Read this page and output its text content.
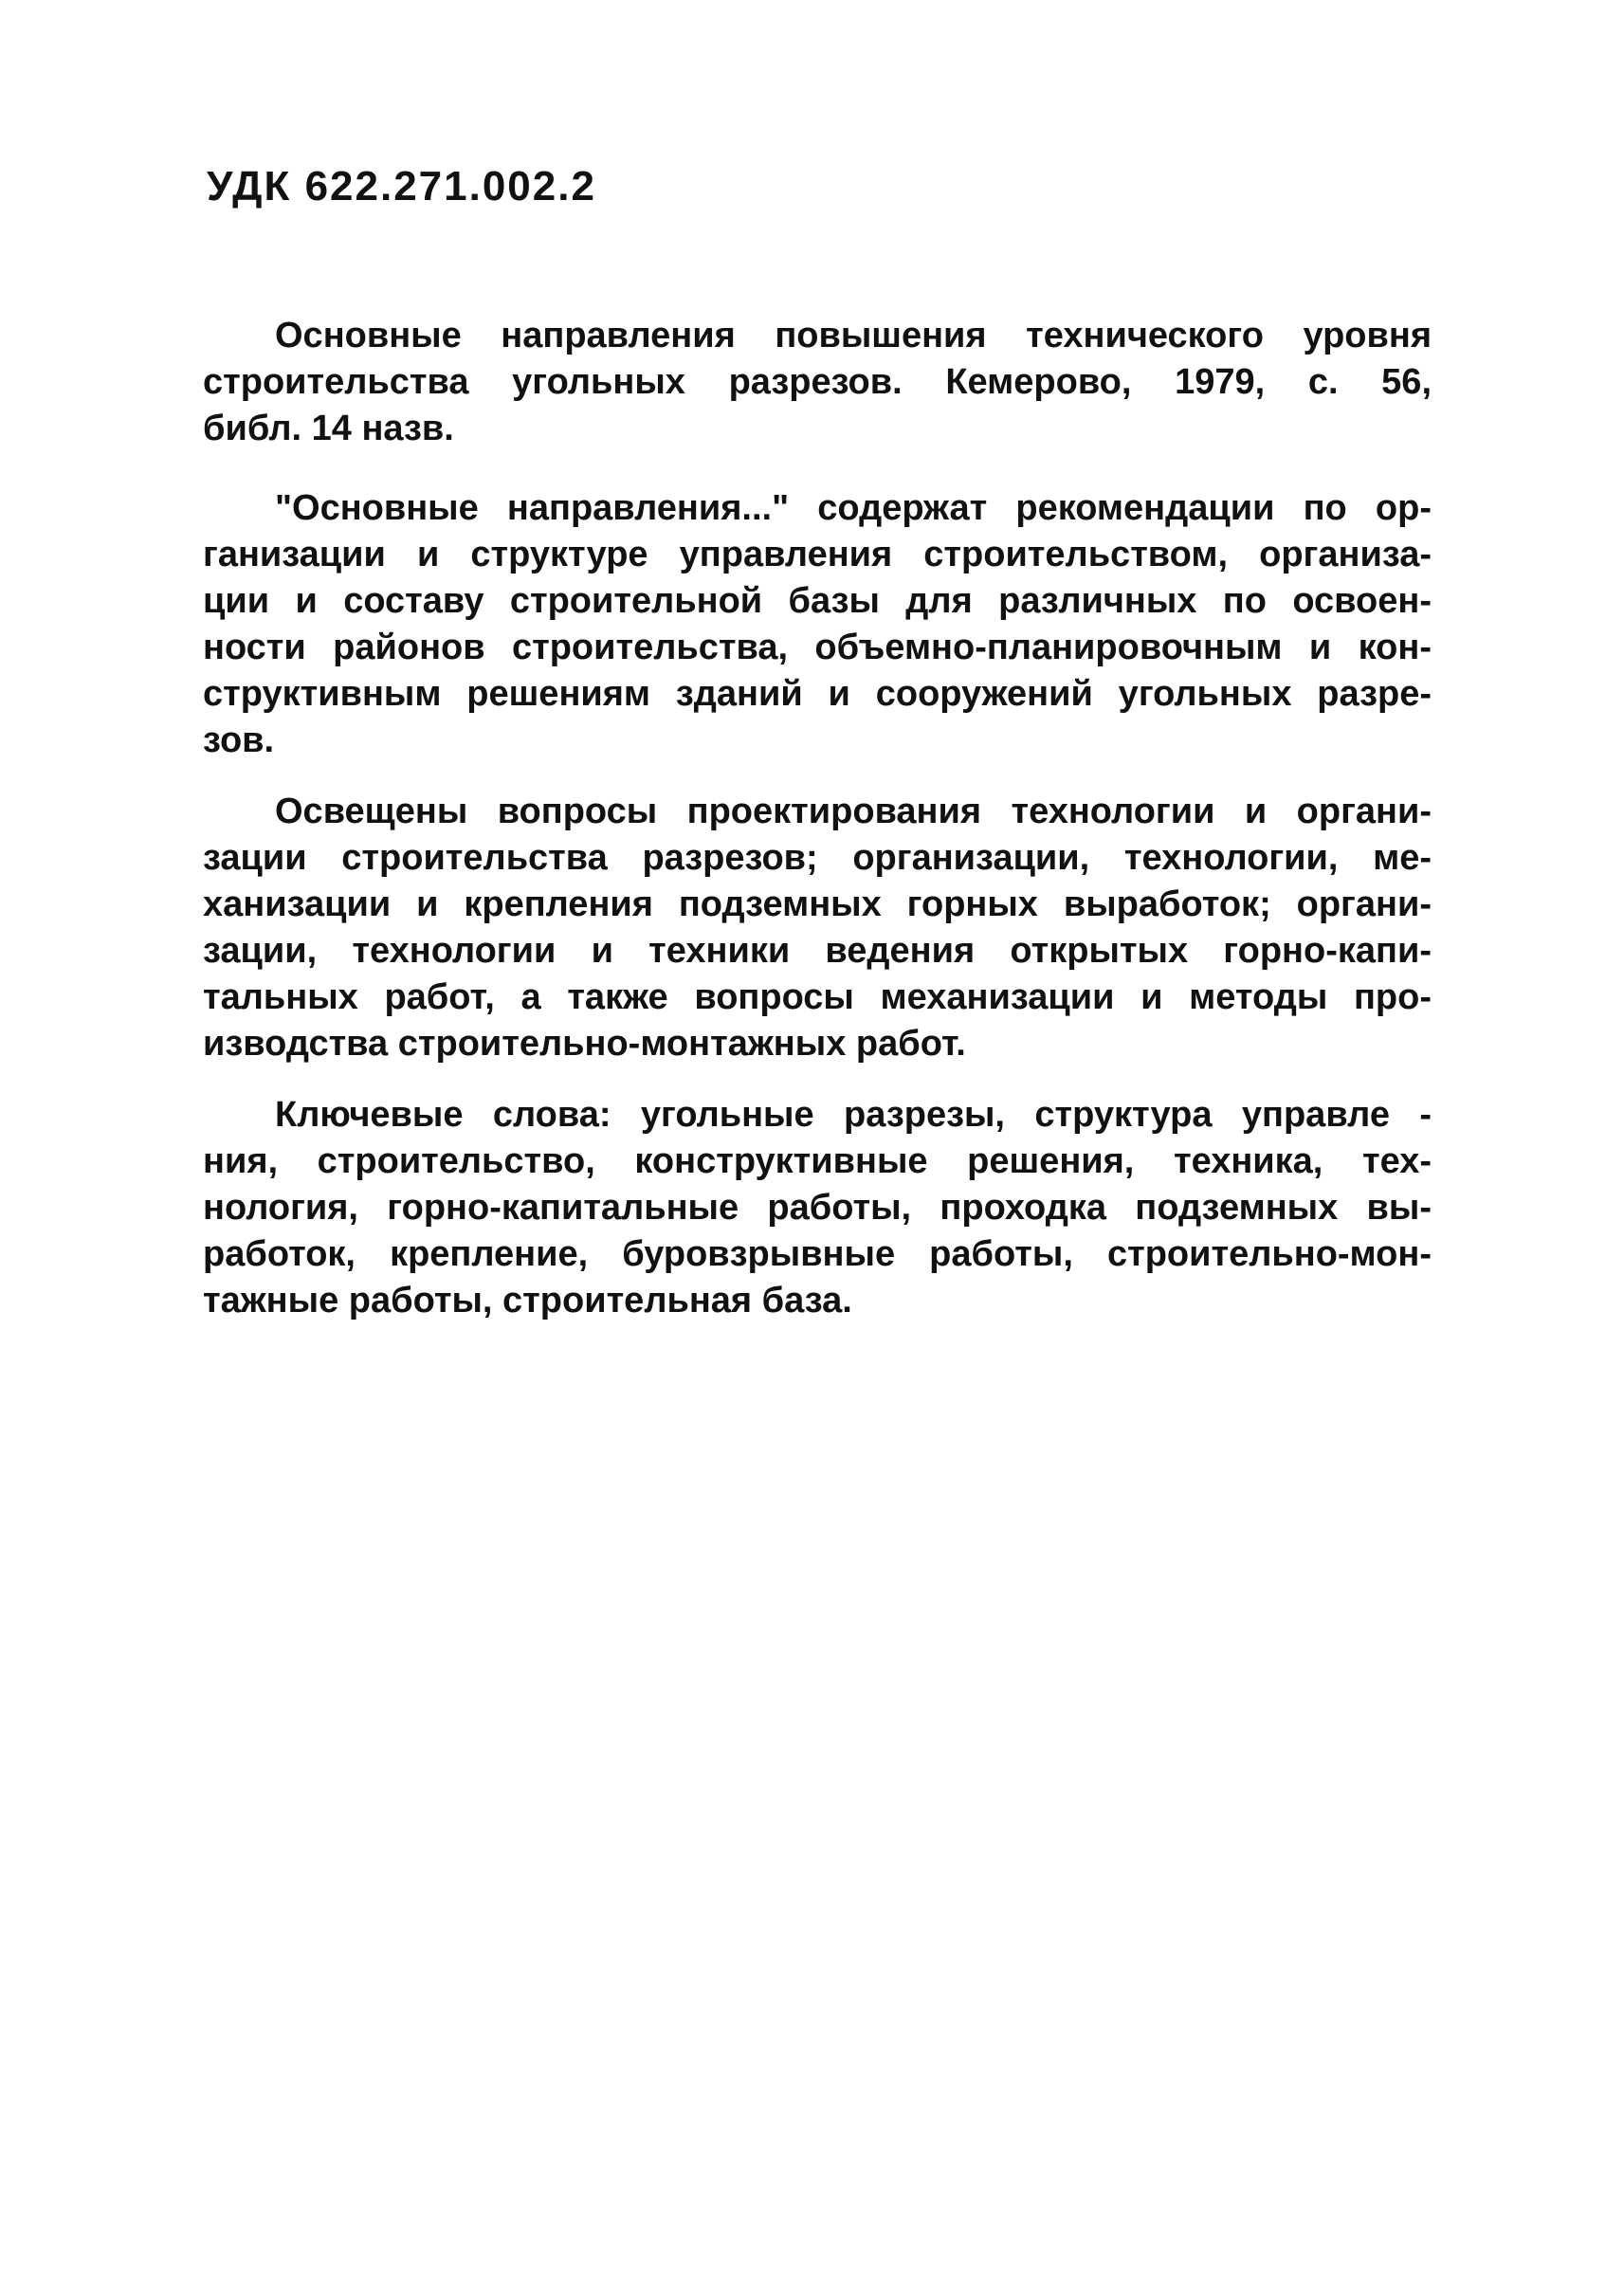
УДК 622.271.002.2
Основные направления повышения технического уровня
строительства угольных разрезов. Кемерово, 1979, с. 56,
библ. 14 назв.
"Основные направления..." содержат рекомендации по ор-
ганизации и структуре управления строительством, организа-
ции и составу строительной базы для различных по освоен-
ности районов строительства, объемно-планировочным и кон-
структивным решениям зданий и сооружений угольных разре-
зов.
Освещены вопросы проектирования технологии и органи-
зации строительства разрезов; организации, технологии, ме-
ханизации и крепления подземных горных выработок; органи-
зации, технологии и техники ведения открытых горно-капи-
тальных работ, а также вопросы механизации и методы про-
изводства строительно-монтажных работ.
Ключевые слова: угольные разрезы, структура управле -
ния, строительство, конструктивные решения, техника, тех-
нология, горно-капитальные работы, проходка подземных вы-
работок, крепление, буровзрывные работы, строительно-мон-
тажные работы, строительная база.
